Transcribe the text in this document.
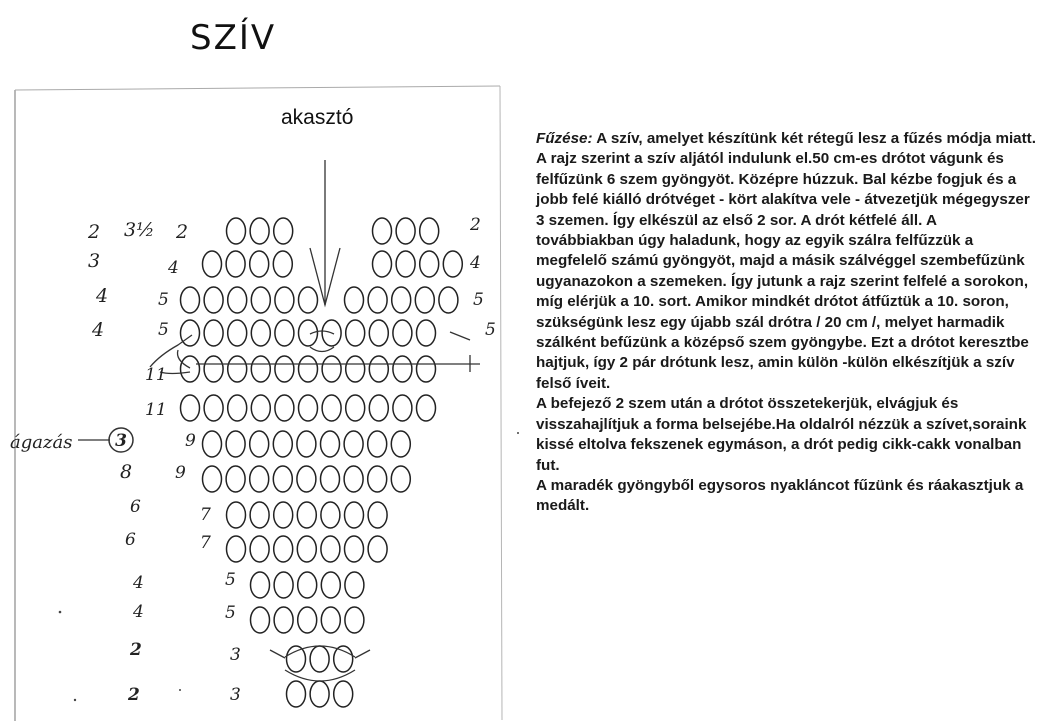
SZÍV
akasztó

Fűzése: A szív, amelyet készítünk két rétegű lesz a fűzés módja miatt. A rajz szerint a szív aljától indulunk el.50 cm-es drótot vágunk és felfűzünk 6 szem gyöngyöt. Középre húzzuk. Bal kézbe fogjuk és a jobb felé kiálló drótvéget - kört alakítva vele - átvezetjük mégegyszer 3 szemen. Így elkészül az első 2 sor. A drót kétfelé áll. A továbbiakban úgy haladunk, hogy az egyik szálra felfűzzük a megfelelő számú gyöngyöt, majd a másik szálvéggel szembefűzünk ugyanazokon a szemeken. Így jutunk a rajz szerint felfelé a sorokon, míg elérjük a 10. sort. Amikor mindkét drótot átfűztük a 10. soron, szükségünk lesz egy újabb szál drótra / 20 cm /, melyet harmadik szálként befűzünk a középső szem gyöngybe. Ezt a drótot keresztbe hajtjuk, így 2 pár drótunk lesz, amin külön -külön elkészítjük a szív felső íveit.

A befejező 2 szem után a drótot összetekerjük, elvágjuk és visszahajlítjuk a forma belsejébe.Ha oldalról nézzük a szívet,soraink kissé eltolva fekszenek egymáson, a drót pedig cikk-cakk vonalban fut.

A maradék gyöngyből egysoros nyakláncot fűzünk és ráakasztjuk a medált.

ágazás	3
2 3½ 2
3	4
4	5
4	5
11
11
9
8	9
6	7
6	7
4	5
4	5
2	3
2	3
2
4
5
5
